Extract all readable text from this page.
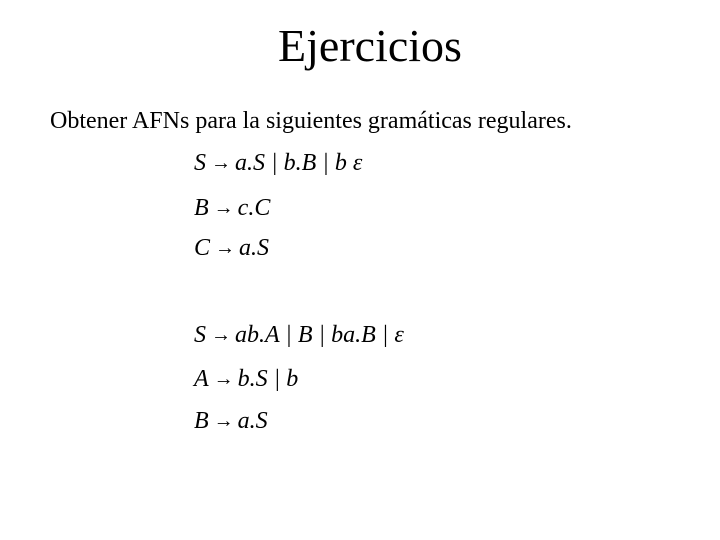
Ejercicios
Obtener AFNs para la siguientes gramáticas regulares.
S → a.S | b.B | b ε
B → c.C
C → a.S
S → ab.A | B | ba.B | ε
A → b.S | b
B → a.S
